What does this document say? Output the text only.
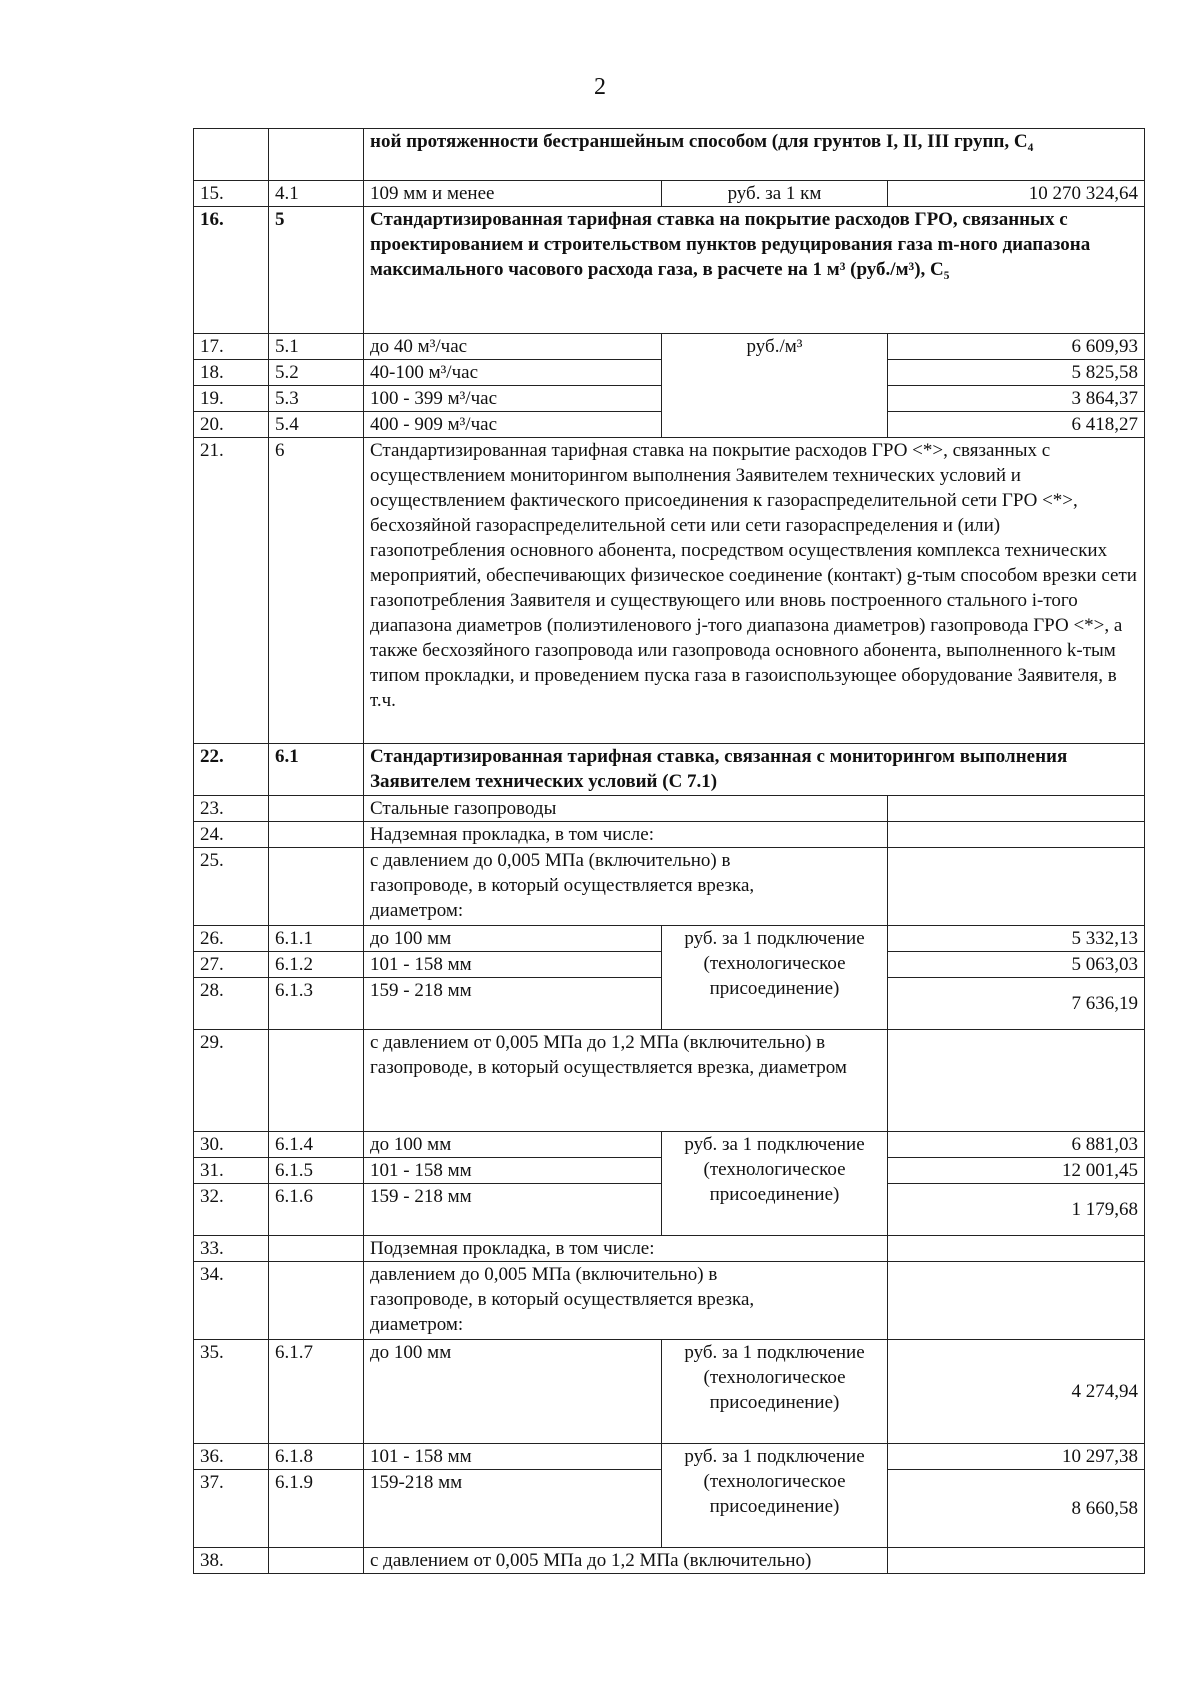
2
		ной протяженности бестраншейным способом (для грунтов I, II, III групп, С₄		
15.	4.1	109 мм и менее	руб. за 1 км	10 270 324,64
16.	5	Стандартизированная тарифная ставка на покрытие расходов ГРО, связанных с проектированием и строительством пунктов редуцирования газа m-ного диапазона максимального часового расхода газа, в расчете на 1 м³ (руб./м³), С₅		
17.	5.1	до 40 м³/час	руб./м³	6 609,93
18.	5.2	40-100 м³/час		5 825,58
19.	5.3	100 - 399 м³/час		3 864,37
20.	5.4	400 - 909 м³/час		6 418,27
21.	6	Стандартизированная тарифная ставка на покрытие расходов ГРО <*>, связанных с осуществлением мониторингом выполнения Заявителем технических условий и осуществлением фактического присоединения к газораспределительной сети ГРО <*>, бесхозяйной газораспределительной сети или сети газораспределения и (или) газопотребления основного абонента, посредством осуществления комплекса технических мероприятий, обеспечивающих физическое соединение (контакт) g-тым способом врезки сети газопотребления Заявителя и существующего или вновь построенного стального i-того диапазона диаметров (полиэтиленового j-того диапазона диаметров) газопровода ГРО <*>, а также бесхозяйного газопровода или газопровода основного абонента, выполненного k-тым типом прокладки, и проведением пуска газа в газоиспользующее оборудование Заявителя, в т.ч.		
22.	6.1	Стандартизированная тарифная ставка, связанная с мониторингом выполнения Заявителем технических условий (С 7.1)		
23.		Стальные газопроводы		
24.		Надземная прокладка, в том числе:		
25.		с давлением до 0,005 МПа (включительно) в газопроводе, в который осуществляется врезка, диаметром:		
26.	6.1.1	до 100 мм	руб. за 1 подключение (технологическое присоединение)	5 332,13
27.	6.1.2	101 - 158 мм		5 063,03
28.	6.1.3	159 - 218 мм		7 636,19
29.		с давлением от 0,005 МПа до 1,2 МПа (включительно) в газопроводе, в который осуществляется врезка, диаметром		
30.	6.1.4	до 100 мм	руб. за 1 подключение (технологическое присоединение)	6 881,03
31.	6.1.5	101 - 158 мм		12 001,45
32.	6.1.6	159 - 218 мм		1 179,68
33.		Подземная прокладка, в том числе:		
34.		давлением до 0,005 МПа (включительно) в газопроводе, в который осуществляется врезка, диаметром:		
35.	6.1.7	до 100 мм	руб. за 1 подключение (технологическое присоединение)	4 274,94
36.	6.1.8	101 - 158 мм	руб. за 1 подключение (технологическое присоединение)	10 297,38
37.	6.1.9	159-218 мм		8 660,58
38.		с давлением от 0,005 МПа до 1,2 МПа (включительно)		
